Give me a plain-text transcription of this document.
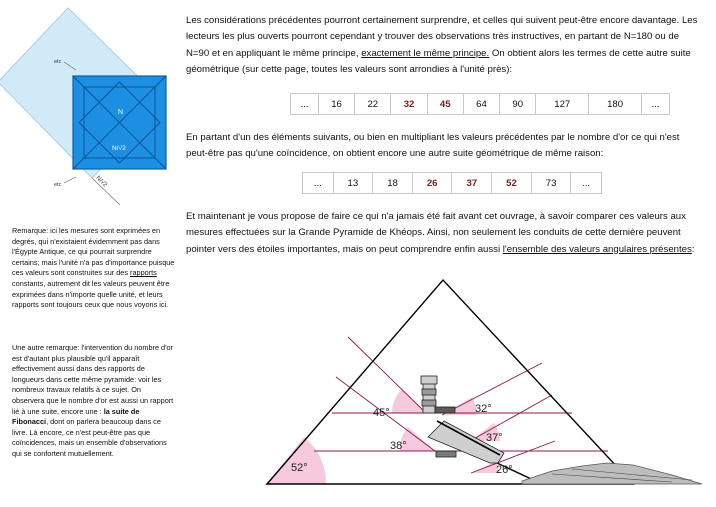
N
N/√2
N/√2
etc
etc

Remarque: ici les mesures sont exprimées en degrés, qui n'existaient évidemment pas dans l'Égypte Antique, ce qui pourrait surprendre certains; mais l'unité n'a pas d'importance puisque ces valeurs sont construites sur des rapports constants, autrement dit les valeurs peuvent être exprimées dans n'importe quelle unité, et leurs rapports sont toujours ceux que nous voyons ici.

Une autre remarque: l'intervention du nombre d'or est d'autant plus plausible qu'il apparaît effectivement aussi dans des rapports de longueurs dans cette même pyramide: voir les nombreux travaux relatifs à ce sujet. On observera que le nombre d'or est aussi un rapport lié à une suite, encore une : la suite de Fibonacci, dont on parlera beaucoup dans ce livre. Là encore, ce n'est peut-être pas que coïncidences, mais un ensemble d'observations qui se confortent mutuellement.

Les considérations précédentes pourront certainement surprendre, et celles qui suivent peut-être encore davantage. Les lecteurs les plus ouverts pourront cependant y trouver des observations très instructives, en partant de N=180 ou de N=90 et en appliquant le même principe, exactement le même principe. On obtient alors les termes de cette autre suite géométrique (sur cette page, toutes les valeurs sont arrondies à l'unité près):

...	16	22	32	45	64	90	127	180	...

En partant d'un des éléments suivants, ou bien en multipliant les valeurs précédentes par le nombre d'or ce qui n'est peut-être pas qu'une coïncidence, on obtient encore une autre suite géométrique de même raison:

...	13	18	26	37	52	73	...

Et maintenant je vous propose de faire ce qui n'a jamais été fait avant cet ouvrage, à savoir comparer ces valeurs aux mesures effectuées sur la Grande Pyramide de Khéops. Ainsi, non seulement les conduits de cette dernière peuvent pointer vers des étoiles importantes, mais on peut comprendre enfin aussi l'ensemble des valeurs angulaires présentes:

45°	32°
38°
37°
52°	26°
